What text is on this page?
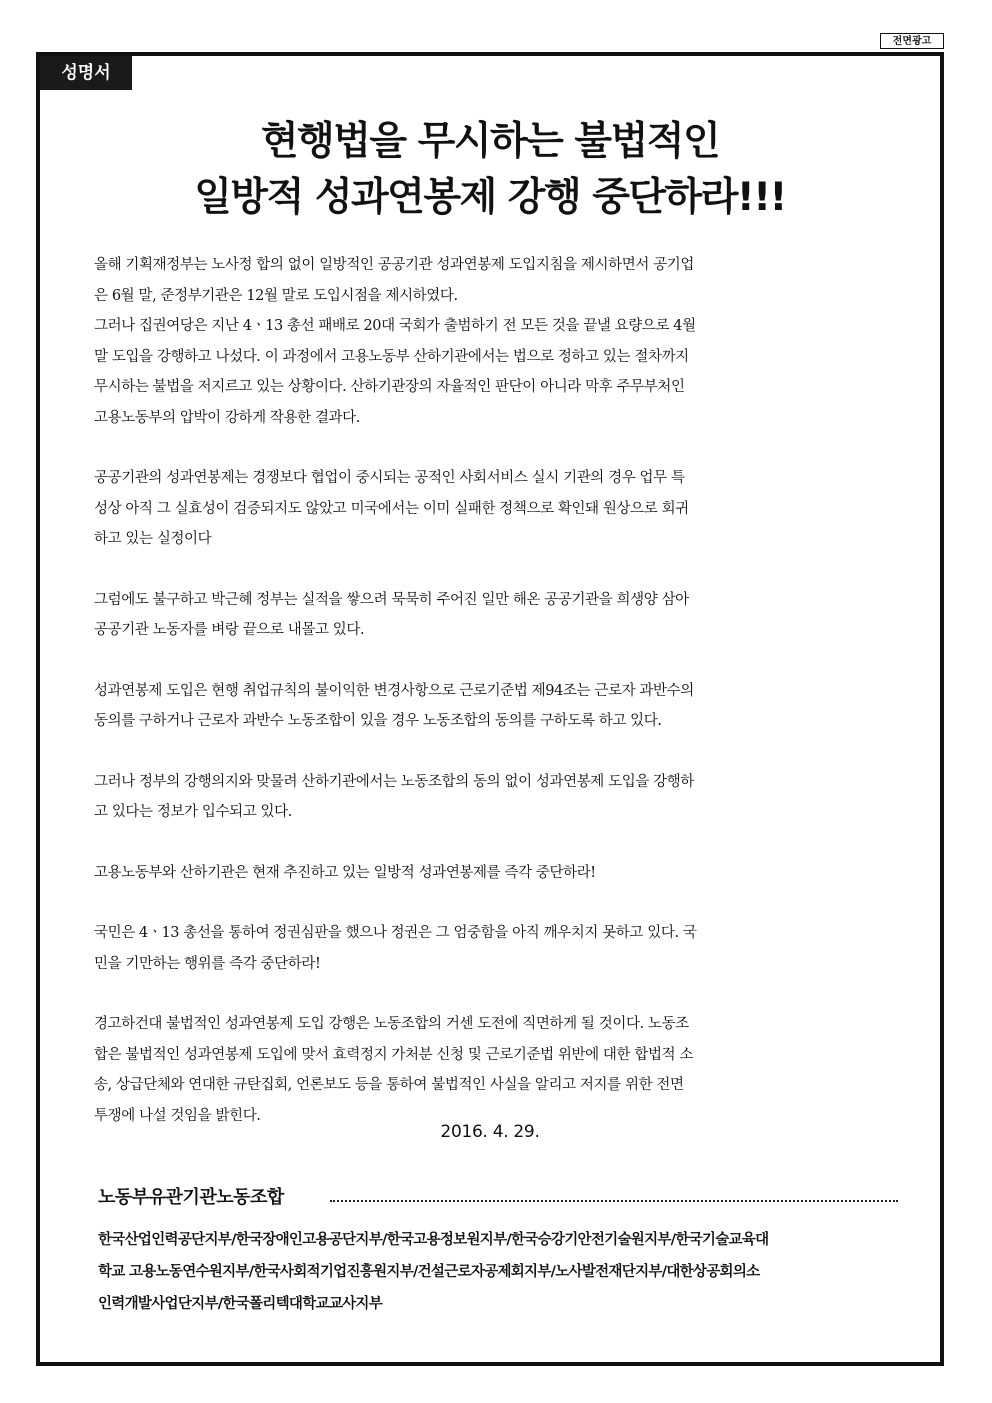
전면광고
성명서
현행법을 무시하는 불법적인
일방적 성과연봉제 강행 중단하라!!!

올해 기획재정부는 노사정 합의 없이 일방적인 공공기관 성과연봉제 도입지침을 제시하면서 공기업
은 6월 말, 준정부기관은 12월 말로 도입시점을 제시하였다.
그러나 집권여당은 지난 4ㆍ13 총선 패배로 20대 국회가 출범하기 전 모든 것을 끝낼 요량으로 4월
말 도입을 강행하고 나섰다. 이 과정에서 고용노동부 산하기관에서는 법으로 정하고 있는 절차까지
무시하는 불법을 저지르고 있는 상황이다. 산하기관장의 자율적인 판단이 아니라 막후 주무부처인
고용노동부의 압박이 강하게 작용한 결과다.

공공기관의 성과연봉제는 경쟁보다 협업이 중시되는 공적인 사회서비스 실시 기관의 경우 업무 특
성상 아직 그 실효성이 검증되지도 않았고 미국에서는 이미 실패한 정책으로 확인돼 원상으로 회귀
하고 있는 실정이다

그럼에도 불구하고 박근혜 정부는 실적을 쌓으려 묵묵히 주어진 일만 해온 공공기관을 희생양 삼아
공공기관 노동자를 벼랑 끝으로 내몰고 있다.

성과연봉제 도입은 현행 취업규칙의 불이익한 변경사항으로 근로기준법 제94조는 근로자 과반수의
동의를 구하거나 근로자 과반수 노동조합이 있을 경우 노동조합의 동의를 구하도록 하고 있다.

그러나 정부의 강행의지와 맞물려 산하기관에서는 노동조합의 동의 없이 성과연봉제 도입을 강행하
고 있다는 정보가 입수되고 있다.

고용노동부와 산하기관은 현재 추진하고 있는 일방적 성과연봉제를 즉각 중단하라!

국민은 4ㆍ13 총선을 통하여 정권심판을 했으나 정권은 그 엄중함을 아직 깨우치지 못하고 있다. 국
민을 기만하는 행위를 즉각 중단하라!

경고하건대 불법적인 성과연봉제 도입 강행은 노동조합의 거센 도전에 직면하게 될 것이다. 노동조
합은 불법적인 성과연봉제 도입에 맞서 효력정지 가처분 신청 및 근로기준법 위반에 대한 합법적 소
송, 상급단체와 연대한 규탄집회, 언론보도 등을 통하여 불법적인 사실을 알리고 저지를 위한 전면
투쟁에 나설 것임을 밝힌다.

2016. 4. 29.
노동부유관기관노동조합
한국산업인력공단지부/한국장애인고용공단지부/한국고용정보원지부/한국승강기안전기술원지부/한국기술교육대
학교 고용노동연수원지부/한국사회적기업진흥원지부/건설근로자공제회지부/노사발전재단지부/대한상공회의소
인력개발사업단지부/한국폴리텍대학교교사지부
